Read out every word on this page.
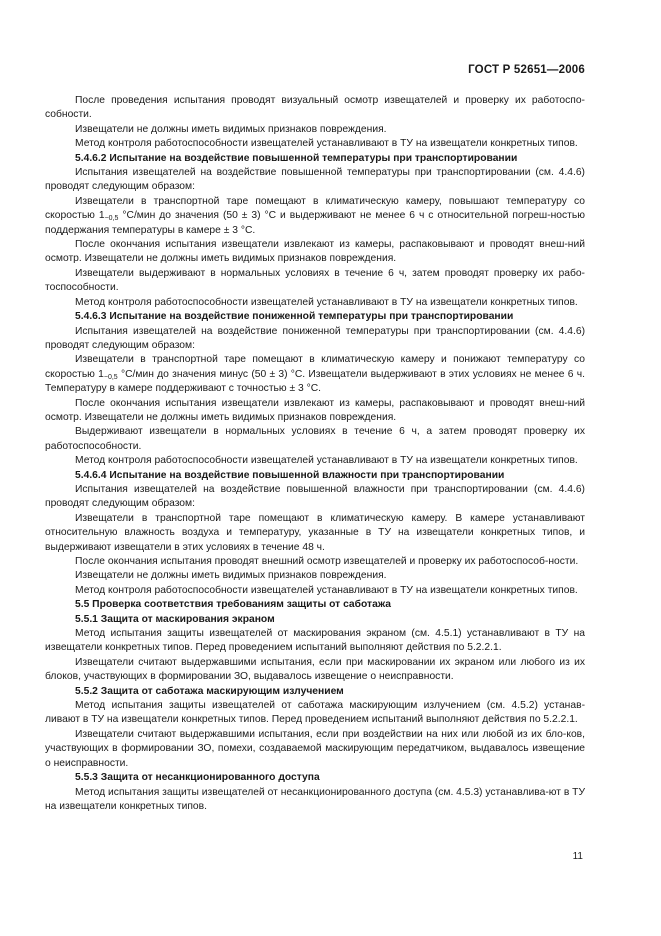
ГОСТ Р 52651—2006

После проведения испытания проводят визуальный осмотр извещателей и проверку их работоспо-собности.

Извещатели не должны иметь видимых признаков повреждения.

Метод контроля работоспособности извещателей устанавливают в ТУ на извещатели конкретных типов.

5.4.6.2 Испытание на воздействие повышенной температуры при транспортировании

Испытания извещателей на воздействие повышенной температуры при транспортировании (см. 4.4.6) проводят следующим образом:

Извещатели в транспортной таре помещают в климатическую камеру, повышают температуру со скоростью $1_{-0,5}$ °С/мин до значения (50 ± 3) °С и выдерживают не менее 6 ч с относительной погреш-ностью поддержания температуры в камере ± 3 °С.

После окончания испытания извещатели извлекают из камеры, распаковывают и проводят внеш-ний осмотр. Извещатели не должны иметь видимых признаков повреждения.

Извещатели выдерживают в нормальных условиях в течение 6 ч, затем проводят проверку их рабо-тоспособности.

Метод контроля работоспособности извещателей устанавливают в ТУ на извещатели конкретных типов.

5.4.6.3 Испытание на воздействие пониженной температуры при транспортировании

Испытания извещателей на воздействие пониженной температуры при транспортировании (см. 4.4.6) проводят следующим образом:

Извещатели в транспортной таре помещают в климатическую камеру и понижают температуру со скоростью $1_{-0,5}$ °С/мин до значения минус (50 ± 3) °С. Извещатели выдерживают в этих условиях не менее 6 ч. Температуру в камере поддерживают с точностью ± 3 °С.

После окончания испытания извещатели извлекают из камеры, распаковывают и проводят внеш-ний осмотр. Извещатели не должны иметь видимых признаков повреждения.

Выдерживают извещатели в нормальных условиях в течение 6 ч, а затем проводят проверку их работоспособности.

Метод контроля работоспособности извещателей устанавливают в ТУ на извещатели конкретных типов.

5.4.6.4 Испытание на воздействие повышенной влажности при транспортировании

Испытания извещателей на воздействие повышенной влажности при транспортировании (см. 4.4.6) проводят следующим образом:

Извещатели в транспортной таре помещают в климатическую камеру. В камере устанавливают относительную влажность воздуха и температуру, указанные в ТУ на извещатели конкретных типов, и выдерживают извещатели в этих условиях в течение 48 ч.

После окончания испытания проводят внешний осмотр извещателей и проверку их работоспособ-ности.

Извещатели не должны иметь видимых признаков повреждения.

Метод контроля работоспособности извещателей устанавливают в ТУ на извещатели конкретных типов.

5.5 Проверка соответствия требованиям защиты от саботажа

5.5.1 Защита от маскирования экраном

Метод испытания защиты извещателей от маскирования экраном (см. 4.5.1) устанавливают в ТУ на извещатели конкретных типов. Перед проведением испытаний выполняют действия по 5.2.2.1.

Извещатели считают выдержавшими испытания, если при маскировании их экраном или любого из их блоков, участвующих в формировании ЗО, выдавалось извещение о неисправности.

5.5.2 Защита от саботажа маскирующим излучением

Метод испытания защиты извещателей от саботажа маскирующим излучением (см. 4.5.2) устанав-ливают в ТУ на извещатели конкретных типов. Перед проведением испытаний выполняют действия по 5.2.2.1.

Извещатели считают выдержавшими испытания, если при воздействии на них или любой из их бло-ков, участвующих в формировании ЗО, помехи, создаваемой маскирующим передатчиком, выдавалось извещение о неисправности.

5.5.3 Защита от несанкционированного доступа

Метод испытания защиты извещателей от несанкционированного доступа (см. 4.5.3) устанавлива-ют в ТУ на извещатели конкретных типов.

11
